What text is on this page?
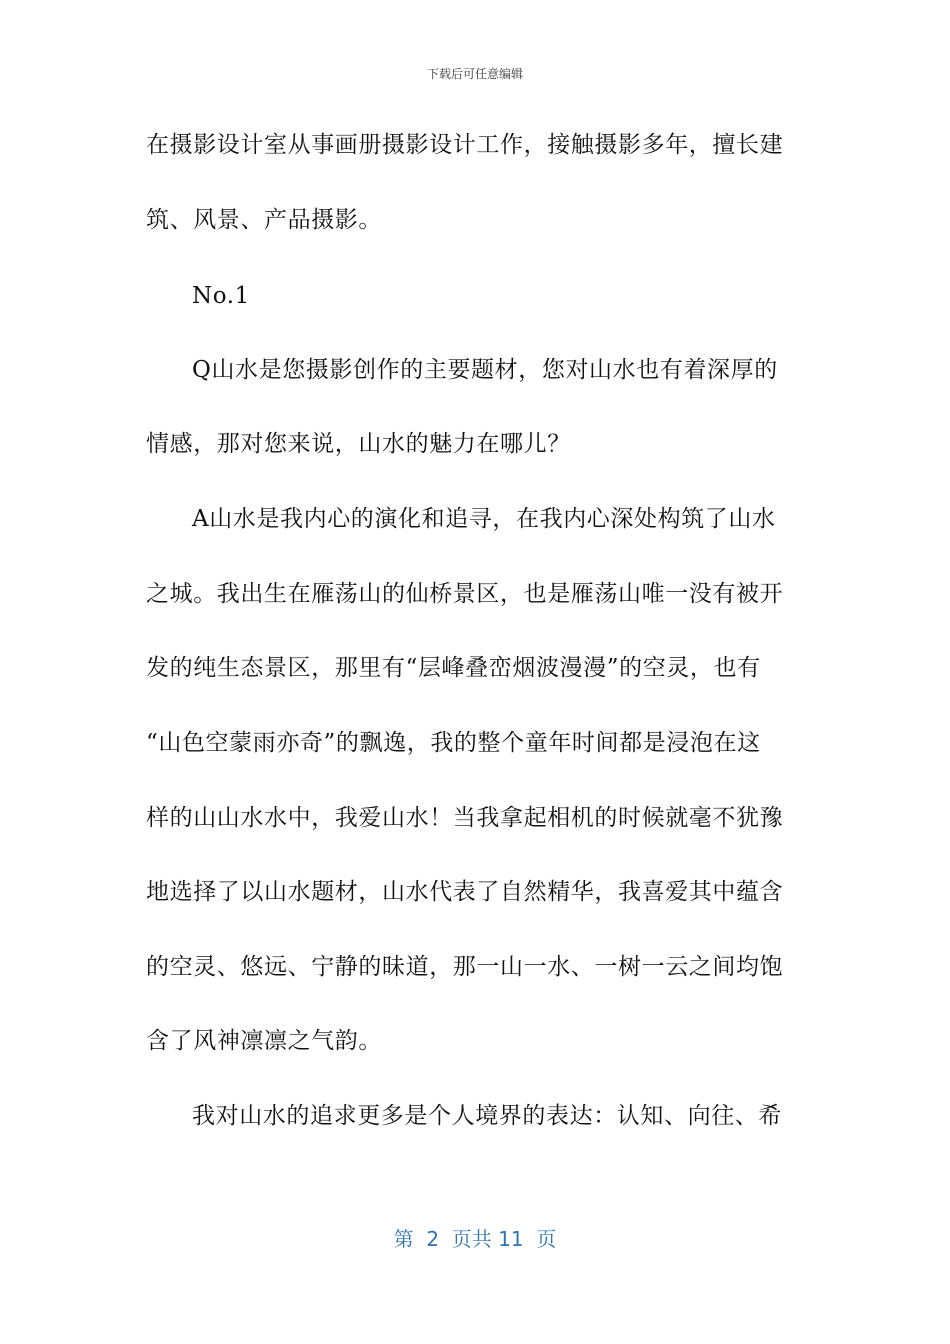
下载后可任意编辑
在摄影设计室从事画册摄影设计工作，接触摄影多年，擅长建
筑、风景、产品摄影。
No.1
Q山水是您摄影创作的主要题材，您对山水也有着深厚的
情感，那对您来说，山水的魅力在哪儿？
A山水是我内心的演化和追寻，在我内心深处构筑了山水
之城。我出生在雁荡山的仙桥景区，也是雁荡山唯一没有被开
发的纯生态景区，那里有“层峰叠峦烟波漫漫”的空灵，也有
“山色空蒙雨亦奇”的飘逸，我的整个童年时间都是浸泡在这
样的山山水水中，我爱山水！当我拿起相机的时候就毫不犹豫
地选择了以山水题材，山水代表了自然精华，我喜爱其中蕴含
的空灵、悠远、宁静的昧道，那一山一水、一树一云之间均饱
含了风神凛凛之气韵。
我对山水的追求更多是个人境界的表达：认知、向往、希
第  2  页共 11  页
